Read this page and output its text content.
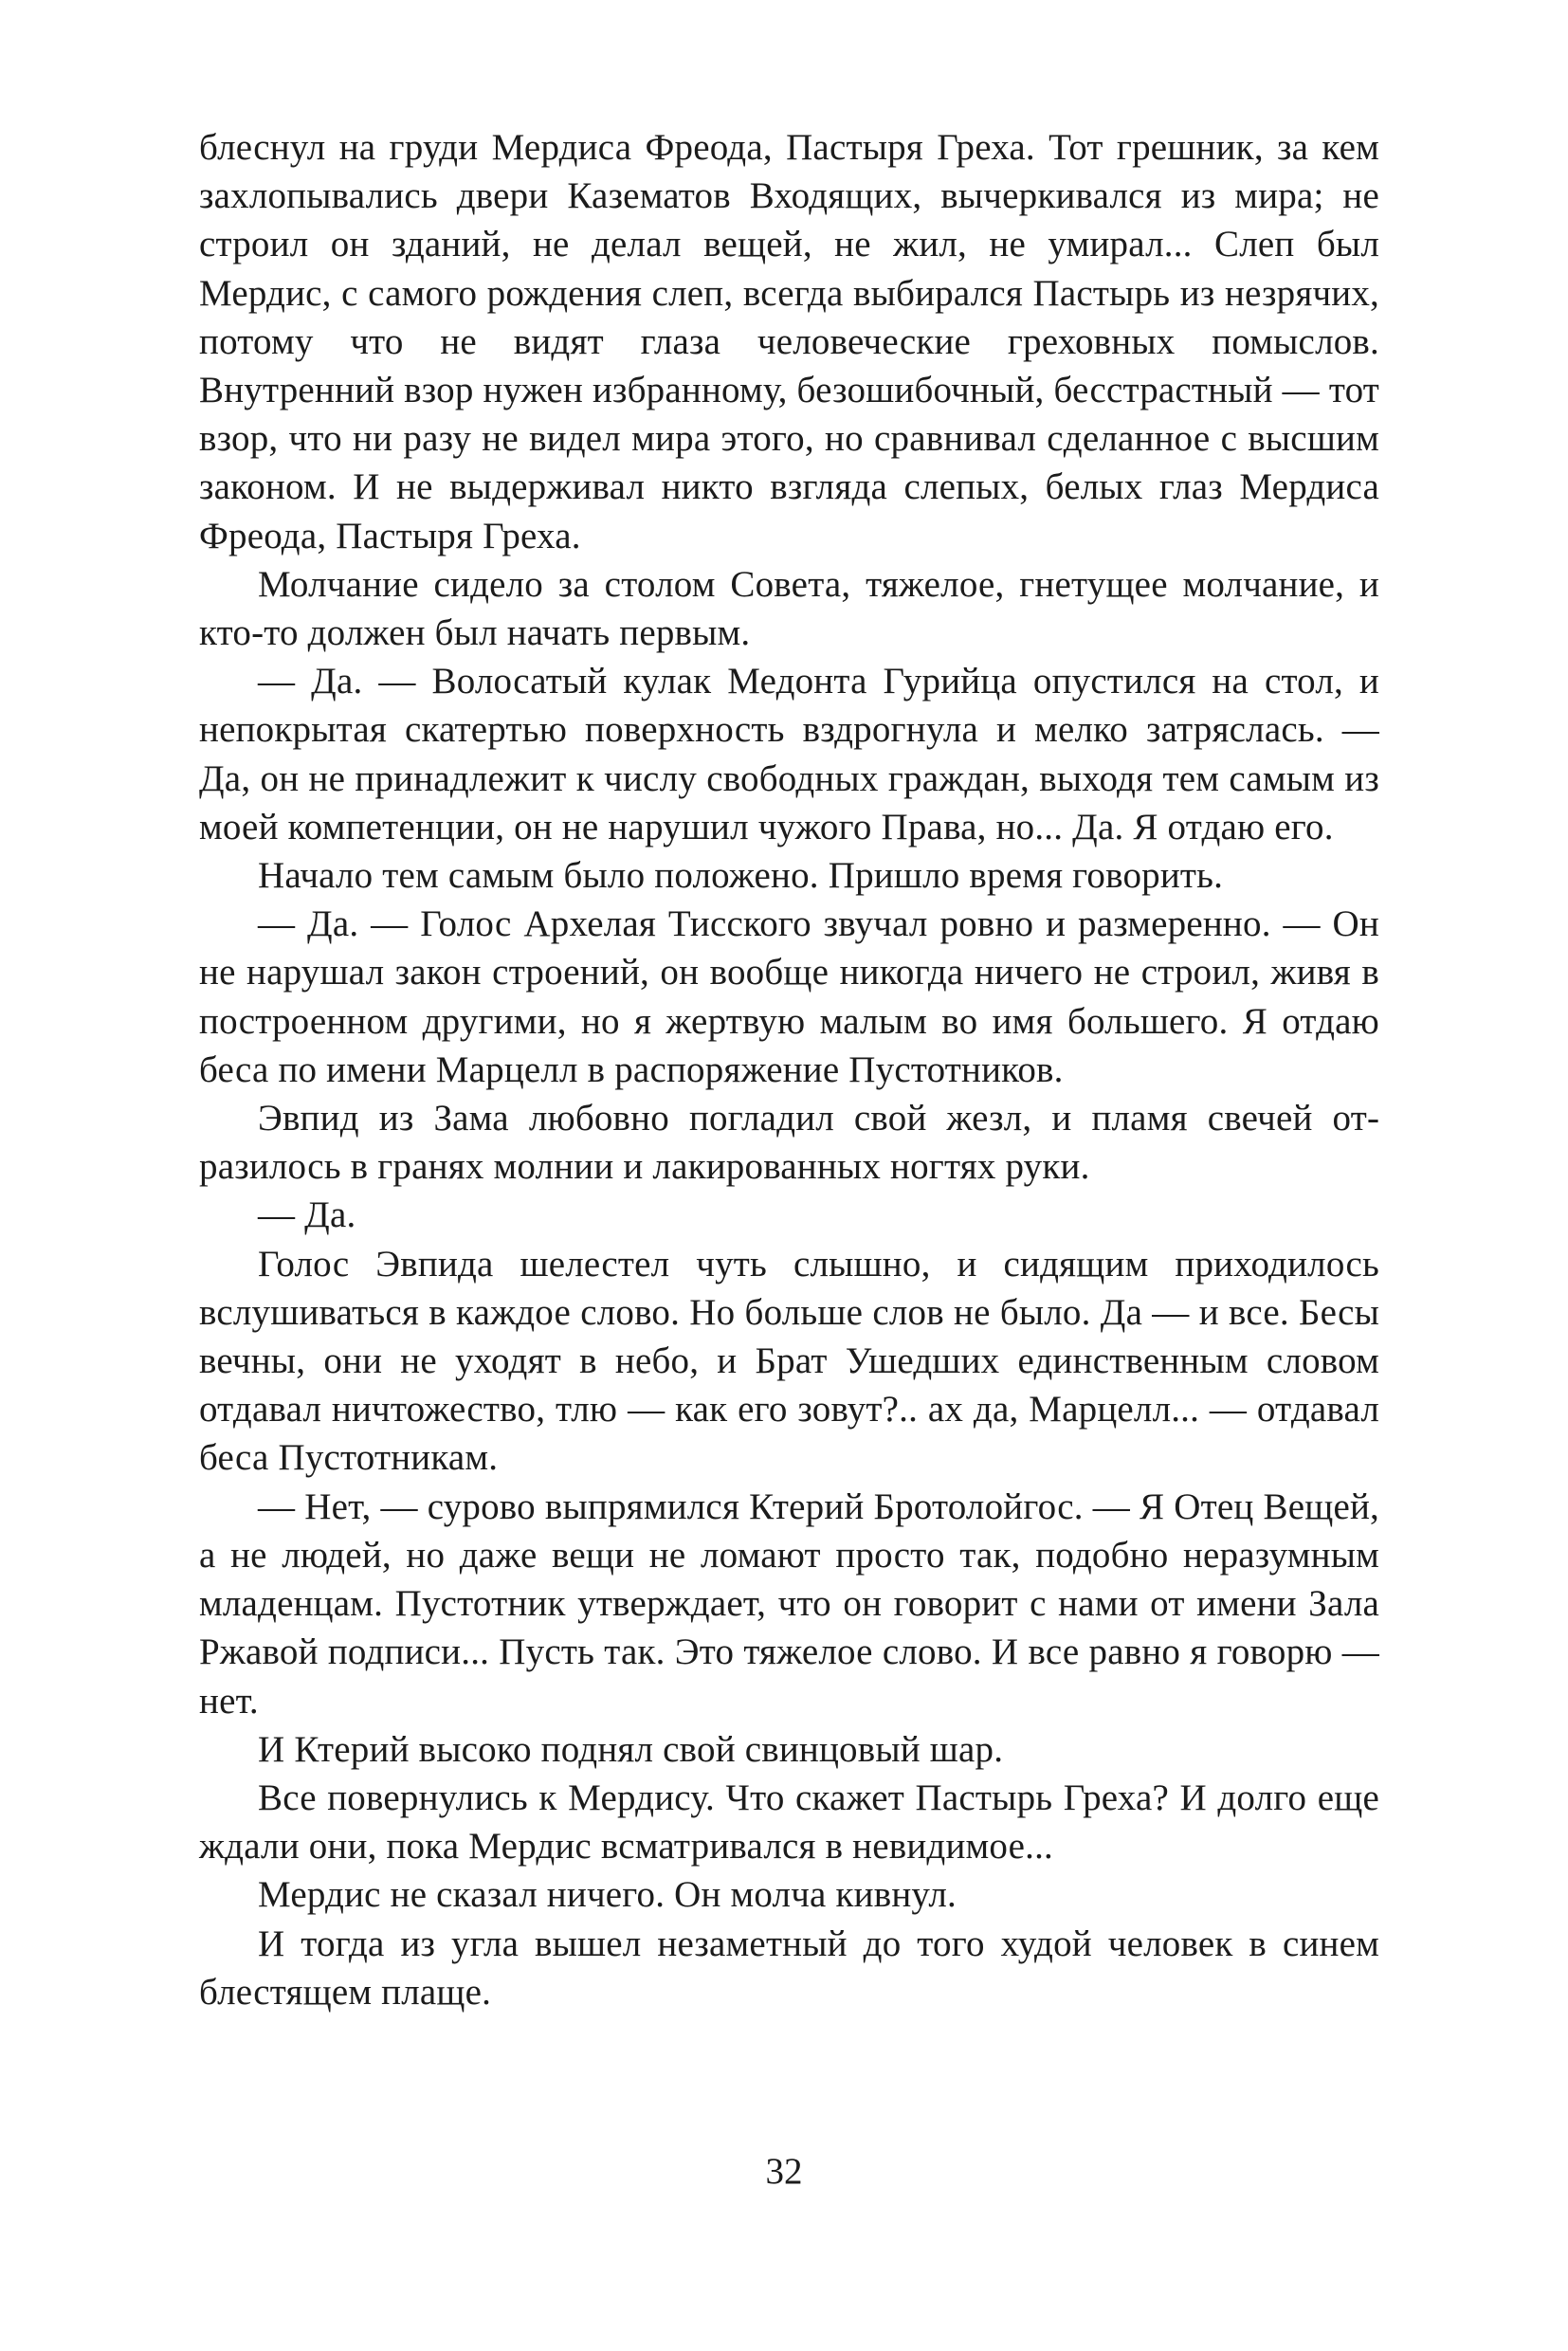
блеснул на груди Мердиса Фреода, Пастыря Греха. Тот грешник, за кем захлопывались двери Казематов Входящих, вычеркивался из мира; не строил он зданий, не делал вещей, не жил, не умирал... Слеп был Мердис, с самого рождения слеп, всегда выбирался Пастырь из незрячих, потому что не видят глаза человеческие греховных помыслов. Внутренний взор нужен избранному, безошибочный, бесстрастный — тот взор, что ни разу не видел мира этого, но сравнивал сделанное с высшим законом. И не выдерживал никто взгляда слепых, белых глаз Мердиса Фреода, Пастыря Греха.

Молчание сидело за столом Совета, тяжелое, гнетущее молчание, и кто-то должен был начать первым.

— Да. — Волосатый кулак Медонта Гурийца опустился на стол, и непокрытая скатертью поверхность вздрогнула и мелко затряслась. — Да, он не принадлежит к числу свободных граждан, выходя тем самым из моей компетенции, он не нарушил чужого Права, но... Да. Я отдаю его.

Начало тем самым было положено. Пришло время говорить.

— Да. — Голос Архелая Тисского звучал ровно и размеренно. — Он не нарушал закон строений, он вообще никогда ничего не строил, живя в построенном другими, но я жертвую малым во имя большего. Я отдаю беса по имени Марцелл в распоряжение Пустотников.

Эвпид из Зама любовно погладил свой жезл, и пламя свечей отразилось в гранях молнии и лакированных ногтях руки.

— Да.

Голос Эвпида шелестел чуть слышно, и сидящим приходилось вслушиваться в каждое слово. Но больше слов не было. Да — и все. Бесы вечны, они не уходят в небо, и Брат Ушедших единственным словом отдавал ничтожество, тлю — как его зовут?.. ах да, Марцелл... — отдавал беса Пустотникам.

— Нет, — сурово выпрямился Ктерий Бротолойгос. — Я Отец Вещей, а не людей, но даже вещи не ломают просто так, подобно неразумным младенцам. Пустотник утверждает, что он говорит с нами от имени Зала Ржавой подписи... Пусть так. Это тяжелое слово. И все равно я говорю — нет.

И Ктерий высоко поднял свой свинцовый шар.

Все повернулись к Мердису. Что скажет Пастырь Греха? И долго еще ждали они, пока Мердис всматривался в невидимое...

Мердис не сказал ничего. Он молча кивнул.

И тогда из угла вышел незаметный до того худой человек в синем блестящем плаще.

32
